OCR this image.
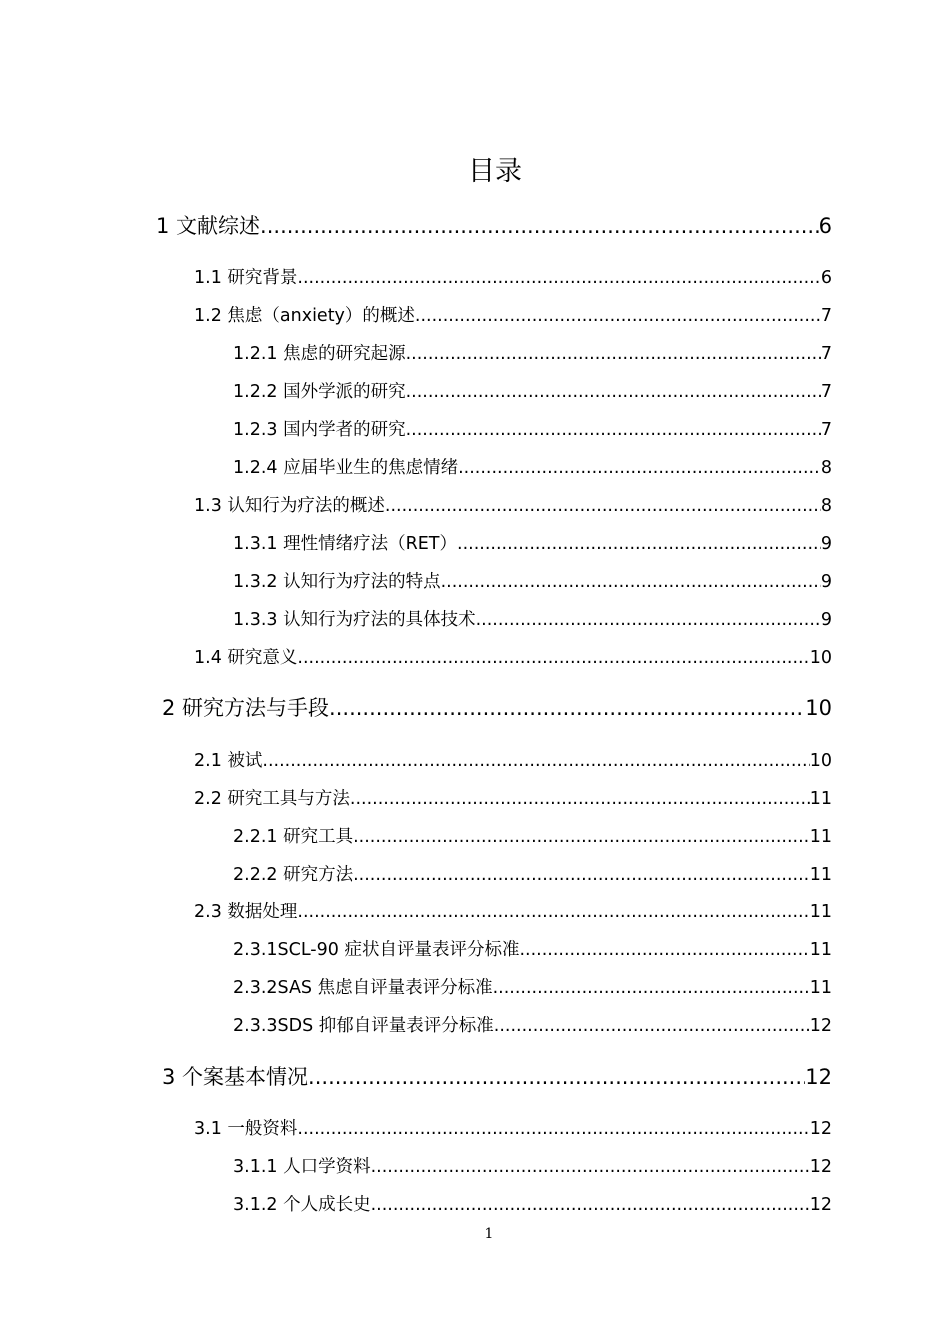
目录
1 文献综述 .....	6
1.1 研究背景 .....	6
1.2 焦虑（anxiety）的概述 .....	7
1.2.1 焦虑的研究起源 .....	7
1.2.2 国外学派的研究 .....	7
1.2.3 国内学者的研究 .....	7
1.2.4 应届毕业生的焦虑情绪 .....	8
1.3 认知行为疗法的概述 .....	8
1.3.1 理性情绪疗法（RET） .....	9
1.3.2 认知行为疗法的特点 .....	9
1.3.3 认知行为疗法的具体技术 .....	9
1.4 研究意义 .....	10
2 研究方法与手段 .....	10
2.1 被试 .....	10
2.2 研究工具与方法 .....	11
2.2.1 研究工具 .....	11
2.2.2 研究方法 .....	11
2.3 数据处理 .....	11
2.3.1SCL-90 症状自评量表评分标准 .....	11
2.3.2SAS 焦虑自评量表评分标准 .....	11
2.3.3SDS 抑郁自评量表评分标准 .....	12
3 个案基本情况 .....	12
3.1 一般资料 .....	12
3.1.1 人口学资料 .....	12
3.1.2 个人成长史 .....	12
1
